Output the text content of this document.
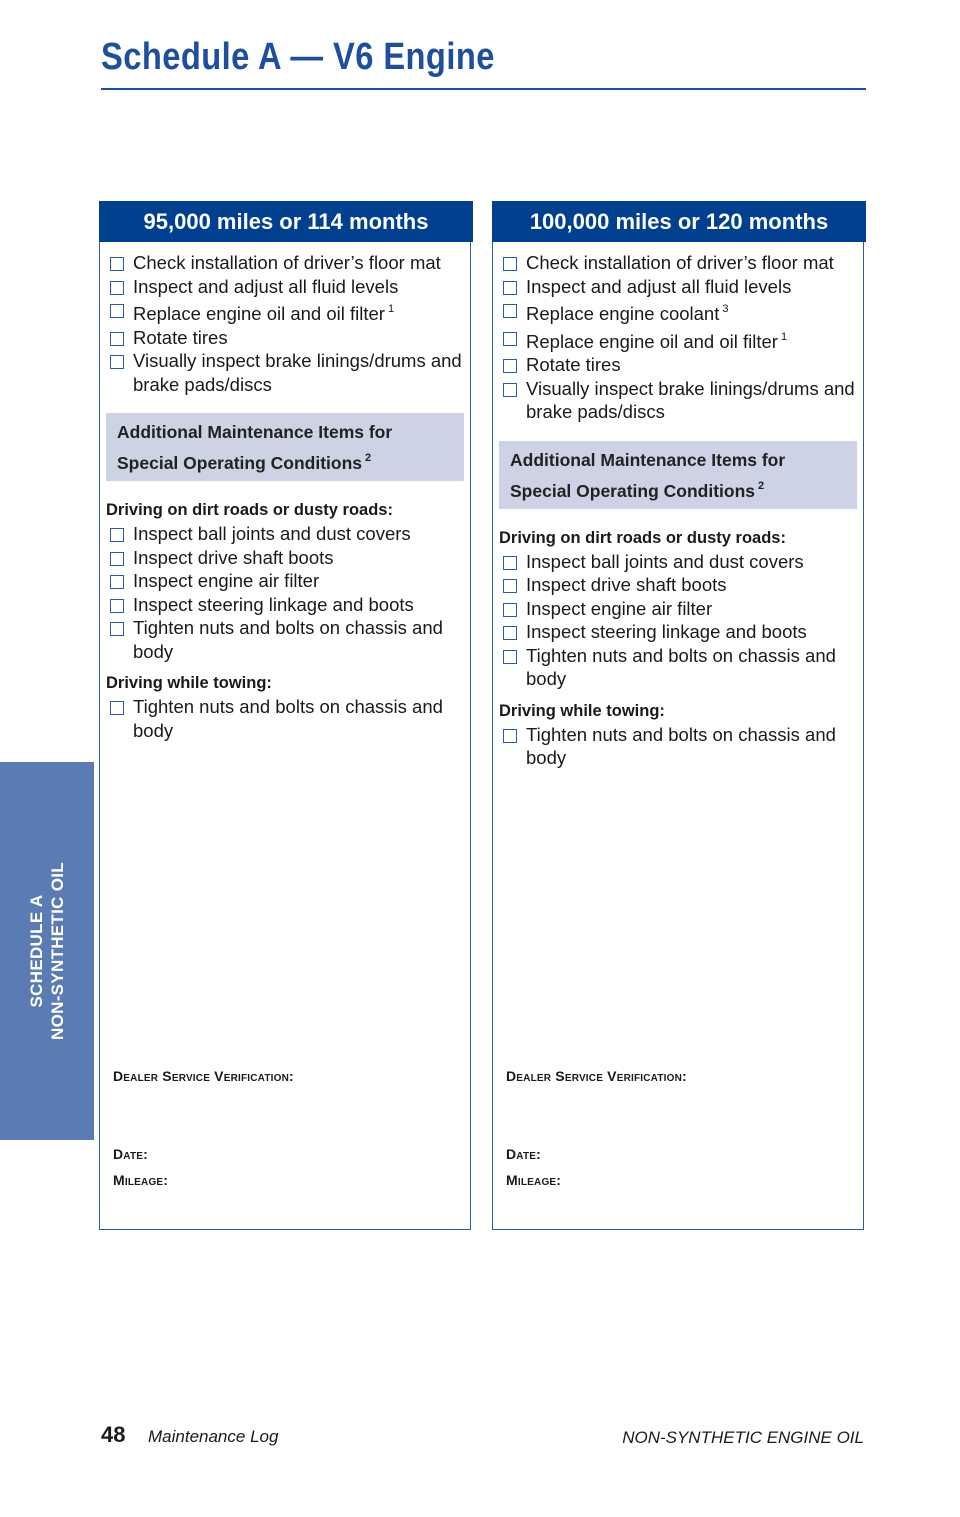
Schedule A — V6 Engine
SCHEDULE A NON-SYNTHETIC OIL
95,000 miles or 114 months
Check installation of driver’s floor mat
Inspect and adjust all fluid levels
Replace engine oil and oil filter $^1$
Rotate tires
Visually inspect brake linings/drums and brake pads/discs
Additional Maintenance Items for
Special Operating Conditions $^2$
Driving on dirt roads or dusty roads:
Inspect ball joints and dust covers
Inspect drive shaft boots
Inspect engine air filter
Inspect steering linkage and boots
Tighten nuts and bolts on chassis and body
Driving while towing:
Tighten nuts and bolts on chassis and body
Dealer Service Verification:
Date:
Mileage:
100,000 miles or 120 months
Check installation of driver’s floor mat
Inspect and adjust all fluid levels
Replace engine coolant $^3$
Replace engine oil and oil filter $^1$
Rotate tires
Visually inspect brake linings/drums and brake pads/discs
Additional Maintenance Items for
Special Operating Conditions $^2$
Driving on dirt roads or dusty roads:
Inspect ball joints and dust covers
Inspect drive shaft boots
Inspect engine air filter
Inspect steering linkage and boots
Tighten nuts and bolts on chassis and body
Driving while towing:
Tighten nuts and bolts on chassis and body
Dealer Service Verification:
Date:
Mileage:
48 Maintenance Log	NON-SYNTHETIC ENGINE OIL
